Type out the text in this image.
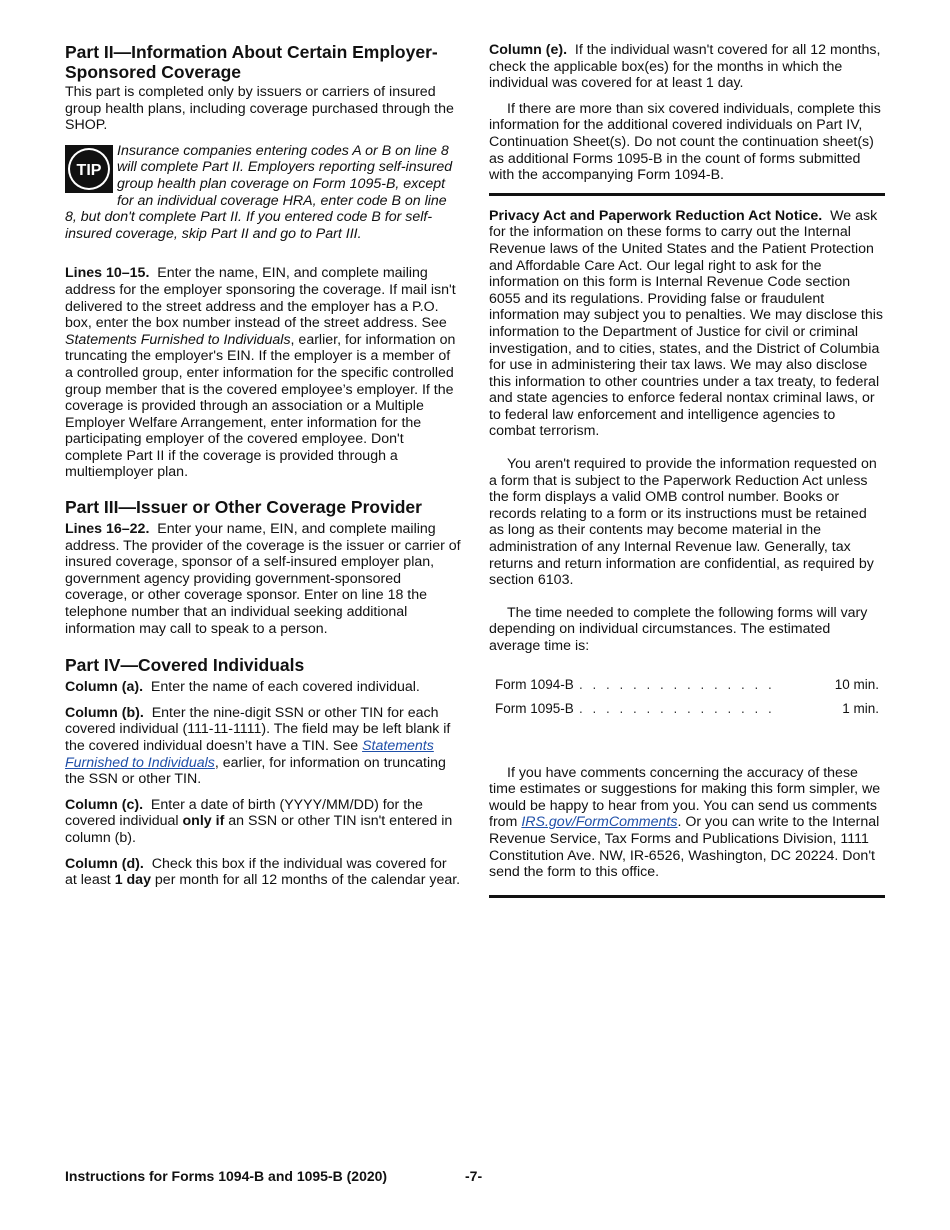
Part II—Information About Certain Employer-Sponsored Coverage

This part is completed only by issuers or carriers of insured group health plans, including coverage purchased through the SHOP.

TIP
Insurance companies entering codes A or B on line 8 will complete Part II. Employers reporting self-insured group health plan coverage on Form 1095-B, except for an individual coverage HRA, enter code B on line 8, but don't complete Part II. If you entered code B for self-insured coverage, skip Part II and go to Part III.

Lines 10–15. Enter the name, EIN, and complete mailing address for the employer sponsoring the coverage. If mail isn't delivered to the street address and the employer has a P.O. box, enter the box number instead of the street address. See Statements Furnished to Individuals, earlier, for information on truncating the employer's EIN. If the employer is a member of a controlled group, enter information for the specific controlled group member that is the covered employee’s employer. If the coverage is provided through an association or a Multiple Employer Welfare Arrangement, enter information for the participating employer of the covered employee. Don't complete Part II if the coverage is provided through a multiemployer plan.

Part III—Issuer or Other Coverage Provider

Lines 16–22. Enter your name, EIN, and complete mailing address. The provider of the coverage is the issuer or carrier of insured coverage, sponsor of a self-insured employer plan, government agency providing government-sponsored coverage, or other coverage sponsor. Enter on line 18 the telephone number that an individual seeking additional information may call to speak to a person.

Part IV—Covered Individuals

Column (a). Enter the name of each covered individual.

Column (b). Enter the nine-digit SSN or other TIN for each covered individual (111-11-1111). The field may be left blank if the covered individual doesn’t have a TIN. See Statements Furnished to Individuals, earlier, for information on truncating the SSN or other TIN.

Column (c). Enter a date of birth (YYYY/MM/DD) for the covered individual only if an SSN or other TIN isn't entered in column (b).

Column (d). Check this box if the individual was covered for at least 1 day per month for all 12 months of the calendar year.

Column (e). If the individual wasn't covered for all 12 months, check the applicable box(es) for the months in which the individual was covered for at least 1 day.

If there are more than six covered individuals, complete this information for the additional covered individuals on Part IV, Continuation Sheet(s). Do not count the continuation sheet(s) as additional Forms 1095-B in the count of forms submitted with the accompanying Form 1094-B.

Privacy Act and Paperwork Reduction Act Notice. We ask for the information on these forms to carry out the Internal Revenue laws of the United States and the Patient Protection and Affordable Care Act. Our legal right to ask for the information on this form is Internal Revenue Code section 6055 and its regulations. Providing false or fraudulent information may subject you to penalties. We may disclose this information to the Department of Justice for civil or criminal investigation, and to cities, states, and the District of Columbia for use in administering their tax laws. We may also disclose this information to other countries under a tax treaty, to federal and state agencies to enforce federal nontax criminal laws, or to federal law enforcement and intelligence agencies to combat terrorism.

You aren't required to provide the information requested on a form that is subject to the Paperwork Reduction Act unless the form displays a valid OMB control number. Books or records relating to a form or its instructions must be retained as long as their contents may become material in the administration of any Internal Revenue law. Generally, tax returns and return information are confidential, as required by section 6103.

The time needed to complete the following forms will vary depending on individual circumstances. The estimated average time is:

Form 1094-B . . . . . . . . . . . . . . .	10 min.
Form 1095-B . . . . . . . . . . . . . . .	1 min.

If you have comments concerning the accuracy of these time estimates or suggestions for making this form simpler, we would be happy to hear from you. You can send us comments from IRS.gov/FormComments. Or you can write to the Internal Revenue Service, Tax Forms and Publications Division, 1111 Constitution Ave. NW, IR-6526, Washington, DC 20224. Don't send the form to this office.

Instructions for Forms 1094-B and 1095-B (2020)	-7-
